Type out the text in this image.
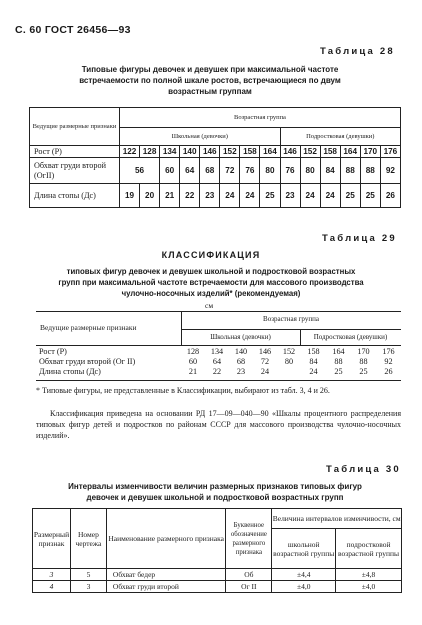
С. 60 ГОСТ 26456—93
Таблица 28
Типовые фигуры девочек и девушек при максимальной частоте
встречаемости по полной шкале ростов, встречающиеся по двум
возрастным группам
Ведущие размерные признаки	Возрастная группа													
	Школьная (девочки)								Подростковая (девушки)					
Рост (Р)	122	128	134	140	146	152	158	164	146	152	158	164	170	176
Обхват груди второй (ОгII)	56		60	64	68	72	76	80	76	80	84	88	88	92
Длина стопы (Дс)	19	20	21	22	23	24	24	25	23	24	24	25	25	26
Таблица 29
КЛАССИФИКАЦИЯ
типовых фигур девочек и девушек школьной и подростковой возрастных
групп при максимальной частоте встречаемости для массового производства
чулочно-носочных изделий* (рекомендуемая)
см
Ведущие размерные признаки
Возрастная группа
Школьная (девочки)	Подростковая (девушки)
Рост (Р)	128	134	140	146	152	158	164	170	176
Обхват груди второй (Ог II)	60	64	68	72	80	84	88	88	92
Длина стопы (Дс)	21	22	23	24		24	25	25	26
* Типовые фигуры, не представленные в Классификации, выбирают из табл. 3, 4 и 26.
Классификация приведена на основании РД 17—09—040—90 «Шкалы процентного распределения типовых фигур детей и подростков по районам СССР для массового производства чулочно-носочных изделий».
Таблица 30
Интервалы изменчивости величин размерных признаков типовых фигур
девочек и девушек школьной и подростковой возрастных групп
Размерный признак	Номер чертежа	Наименование размерного признака	Буквенное обозначение размерного признака	Величина интервалов изменчивости, см	
				школьной возрастной группы	подростковой возрастной группы
3	5	Обхват бедер	Об	±4,4	±4,8
4	3	Обхват груди второй	Ог II	±4,0	±4,0
